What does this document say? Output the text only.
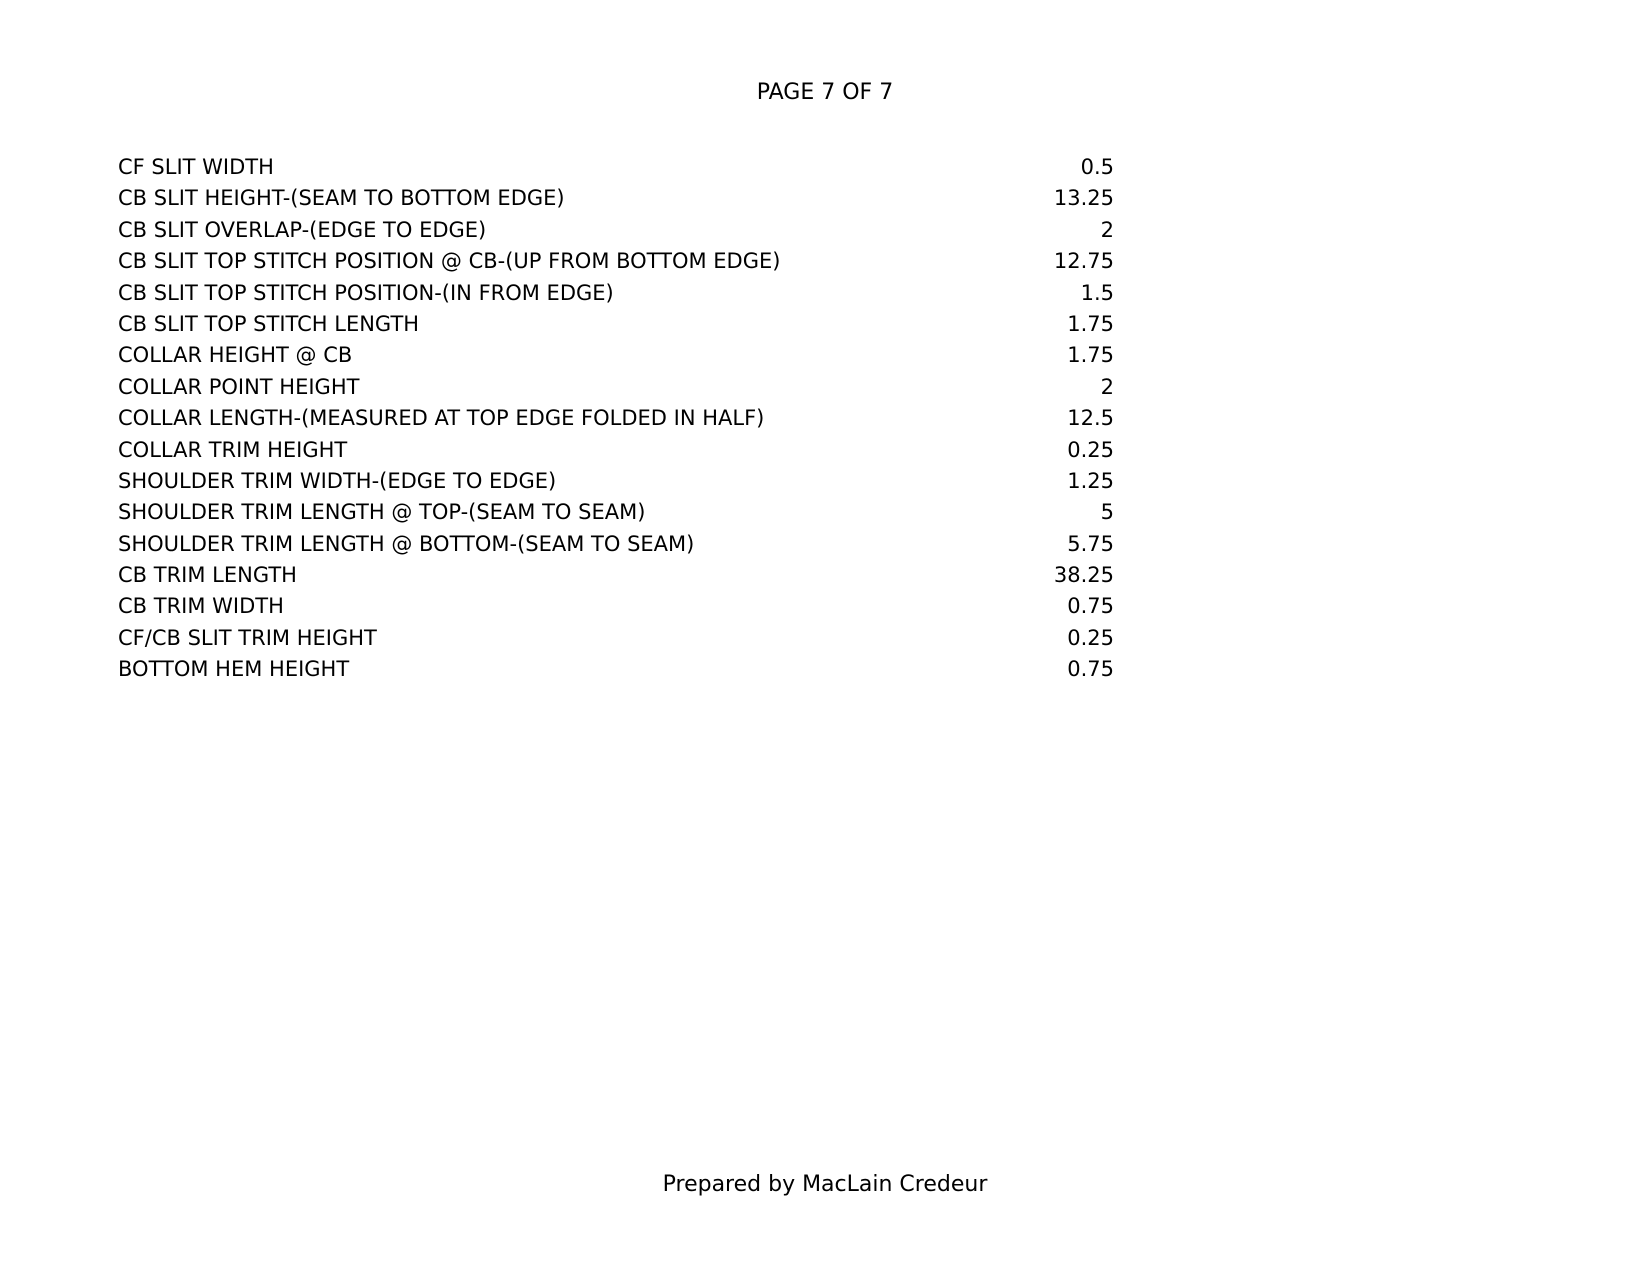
PAGE 7 OF 7
CF SLIT WIDTH	0.5
CB SLIT HEIGHT-(SEAM TO BOTTOM EDGE)	13.25
CB SLIT OVERLAP-(EDGE TO EDGE)	2
CB SLIT TOP STITCH POSITION @ CB-(UP FROM BOTTOM EDGE)	12.75
CB SLIT TOP STITCH POSITION-(IN FROM EDGE)	1.5
CB SLIT TOP STITCH LENGTH	1.75
COLLAR HEIGHT @ CB	1.75
COLLAR POINT HEIGHT	2
COLLAR LENGTH-(MEASURED AT TOP EDGE FOLDED IN HALF)	12.5
COLLAR TRIM HEIGHT	0.25
SHOULDER TRIM WIDTH-(EDGE TO EDGE)	1.25
SHOULDER TRIM LENGTH @ TOP-(SEAM TO SEAM)	5
SHOULDER TRIM LENGTH @ BOTTOM-(SEAM TO SEAM)	5.75
CB TRIM LENGTH	38.25
CB TRIM WIDTH	0.75
CF/CB SLIT TRIM HEIGHT	0.25
BOTTOM HEM HEIGHT	0.75
Prepared by MacLain Credeur
